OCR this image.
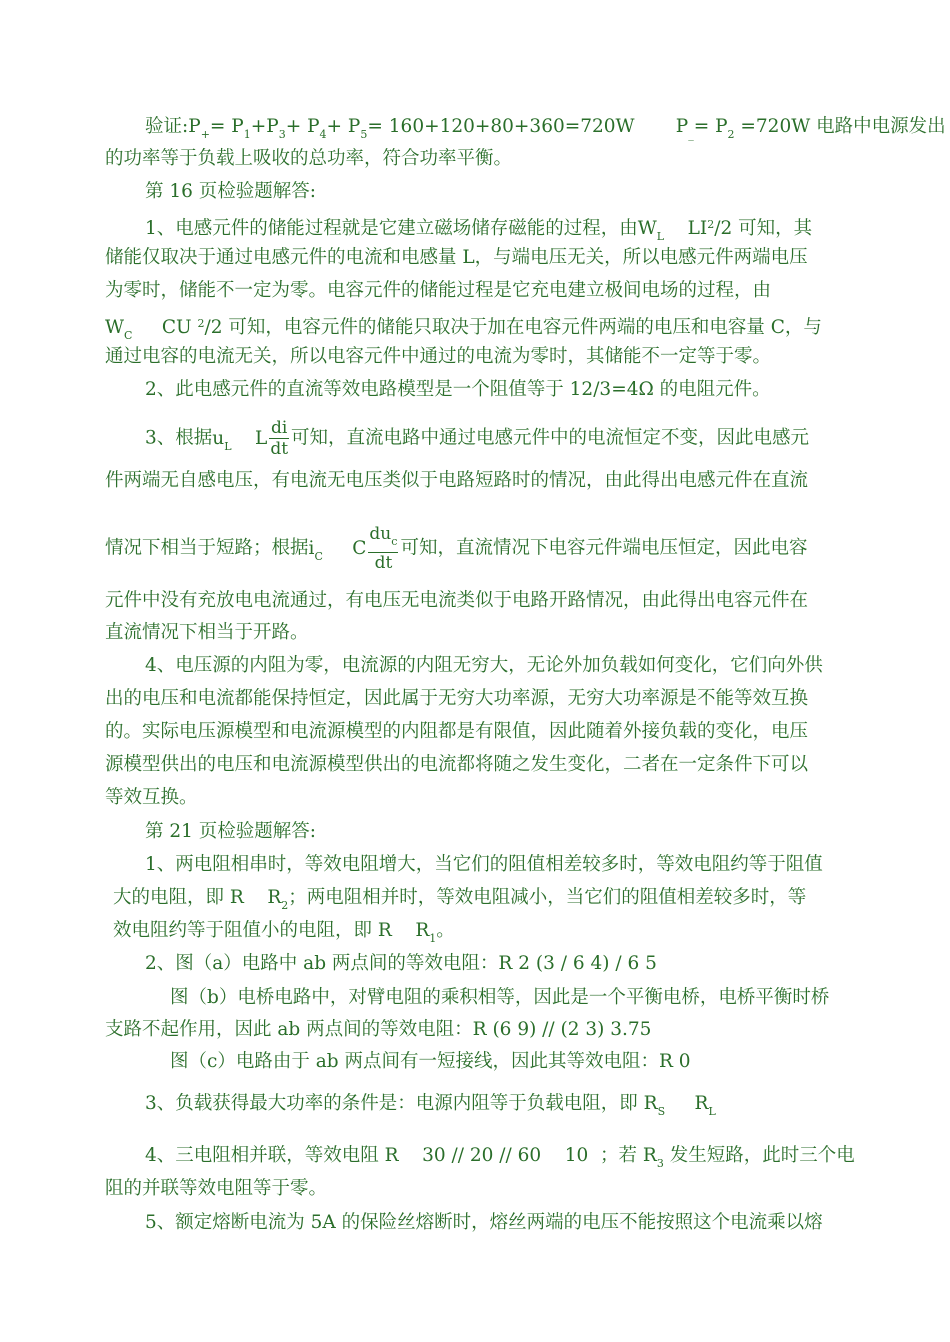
验证$:P_+= P_1+P_3+ P_4+ P_5= 160+120+80+360=720W$       $P_{\_}= P_2 =720W$ 电路中电源发出
的功率等于负载上吸收的总功率，符合功率平衡。
第 16 页检验题解答:
1、电感元件的储能过程就是它建立磁场储存磁能的过程，由$W_L$    $LI^2/2$ 可知，其
储能仅取决于通过电感元件的电流和电感量 L，与端电压无关，所以电感元件两端电压
为零时，储能不一定为零。电容元件的储能过程是它充电建立极间电场的过程，由
$W_C$     CU $^2$/2 可知，电容元件的储能只取决于加在电容元件两端的电压和电容量 C，与
通过电容的电流无关，所以电容元件中通过的电流为零时，其储能不一定等于零。
2、此电感元件的直流等效电路模型是一个阻值等于 12/3=4Ω 的电阻元件。
3、根据$u_L$    L $\frac{di}{dt}$ 可知，直流电路中通过电感元件中的电流恒定不变，因此电感元
件两端无自感电压，有电流无电压类似于电路短路时的情况，由此得出电感元件在直流
情况下相当于短路；根据$i_C$     C $\frac{du_c}{dt}$ 可知，直流情况下电容元件端电压恒定，因此电容
元件中没有充放电电流通过，有电压无电流类似于电路开路情况，由此得出电容元件在
直流情况下相当于开路。
4、电压源的内阻为零，电流源的内阻无穷大，无论外加负载如何变化，它们向外供
出的电压和电流都能保持恒定，因此属于无穷大功率源，无穷大功率源是不能等效互换
的。实际电压源模型和电流源模型的内阻都是有限值，因此随着外接负载的变化，电压
源模型供出的电压和电流源模型供出的电流都将随之发生变化，二者在一定条件下可以
等效互换。
第 21 页检验题解答:
1、两电阻相串时，等效电阻增大，当它们的阻值相差较多时，等效电阻约等于阻值
大的电阻，即 R    $R_2$；两电阻相并时，等效电阻减小，当它们的阻值相差较多时，等
效电阻约等于阻值小的电阻，即 R    $R_1$。
2、图（a）电路中 ab 两点间的等效电阻：R 2 (3 / 6 4) / 6 5
图（b）电桥电路中，对臂电阻的乘积相等，因此是一个平衡电桥，电桥平衡时桥
支路不起作用，因此 ab 两点间的等效电阻：R (6 9) // (2 3) 3.75
图（c）电路由于 ab 两点间有一短接线，因此其等效电阻：R 0
3、负载获得最大功率的条件是：电源内阻等于负载电阻，即 $R_S$     $R_L$
4、三电阻相并联，等效电阻 R    30 // 20 // 60    10  ；若 $R_3$ 发生短路，此时三个电
阻的并联等效电阻等于零。
5、额定熔断电流为 5A 的保险丝熔断时，熔丝两端的电压不能按照这个电流乘以熔
